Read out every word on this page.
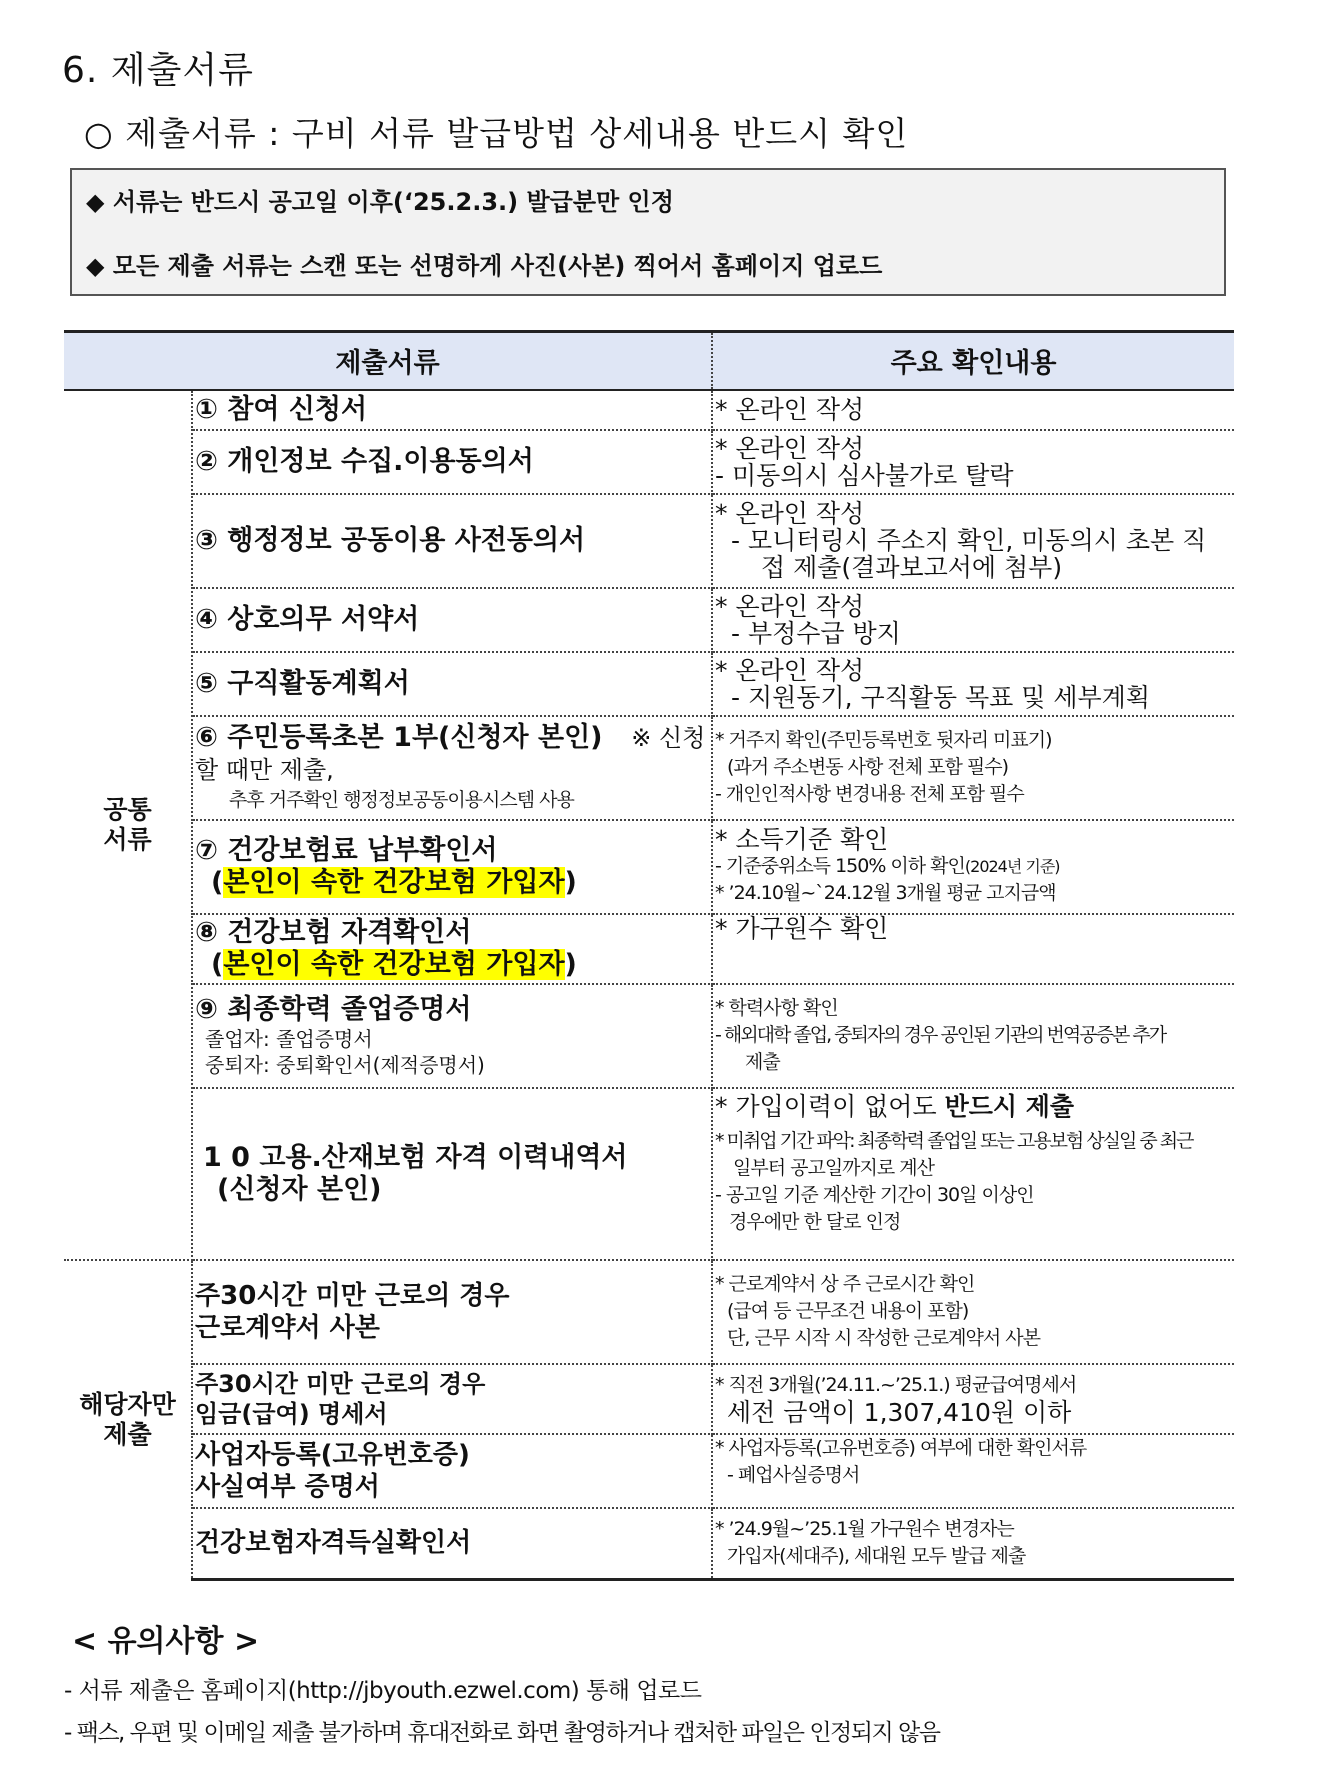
6. 제출서류
○ 제출서류 : 구비 서류 발급방법 상세내용 반드시 확인
◆ 서류는 반드시 공고일 이후(‘25.2.3.) 발급분만 인정
◆ 모든 제출 서류는 스캔 또는 선명하게 사진(사본) 찍어서 홈페이지 업로드
제출서류		주요 확인내용
공통
서류	① 참여 신청서	* 온라인 작성

	② 개인정보 수집.이용동의서	* 온라인 작성
- 미동의시 심사불가로 탈락

	③ 행정정보 공동이용 사전동의서	* 온라인 작성
- 모니터링시 주소지 확인, 미동의시 초본 직
접 제출(결과보고서에 첨부)

	④ 상호의무 서약서	* 온라인 작성
- 부정수급 방지

	⑤ 구직활동계획서	* 온라인 작성
- 지원동기, 구직활동 목표 및 세부계획

	⑥ 주민등록초본 1부(신청자 본인) ※ 신청할 때만 제출,
추후 거주확인 행정정보공동이용시스템 사용	* 거주지 확인(주민등록번호 뒷자리 미표기)
(과거 주소변동 사항 전체 포함 필수)
- 개인인적사항 변경내용 전체 포함 필수

	⑦ 건강보험료 납부확인서
(본인이 속한 건강보험 가입자)	* 소득기준 확인
- 기준중위소득 150% 이하 확인(2024년 기준)
* ’24.10월~`24.12월 3개월 평균 고지금액

	⑧ 건강보험 자격확인서
(본인이 속한 건강보험 가입자)	* 가구원수 확인

	⑨ 최종학력 졸업증명서
졸업자: 졸업증명서
중퇴자: 중퇴확인서(제적증명서)	* 학력사항 확인
- 해외대학 졸업, 중퇴자의 경우 공인된 기관의 번역공증본 추가
제출

	1 0 고용.산재보험 자격 이력내역서
(신청자 본인)	* 가입이력이 없어도 반드시 제출
* 미취업 기간 파악: 최종학력 졸업일 또는 고용보험 상실일 중 최근
일부터 공고일까지로 계산
- 공고일 기준 계산한 기간이 30일 이상인
경우에만 한 달로 인정

해당자만
제출	주30시간 미만 근로의 경우
근로계약서 사본	* 근로계약서 상 주 근로시간 확인
(급여 등 근무조건 내용이 포함)
단, 근무 시작 시 작성한 근로계약서 사본

	주30시간 미만 근로의 경우
임금(급여) 명세서	* 직전 3개월(’24.11.~’25.1.) 평균급여명세서
세전 금액이 1,307,410원 이하

	사업자등록(고유번호증)
사실여부 증명서	* 사업자등록(고유번호증) 여부에 대한 확인서류
- 폐업사실증명서

	건강보험자격득실확인서	* ’24.9월~’25.1월 가구원수 변경자는
가입자(세대주), 세대원 모두 발급 제출
< 유의사항 >
- 서류 제출은 홈페이지(http://jbyouth.ezwel.com) 통해 업로드
- 팩스, 우편 및 이메일 제출 불가하며 휴대전화로 화면 촬영하거나 캡처한 파일은 인정되지 않음
